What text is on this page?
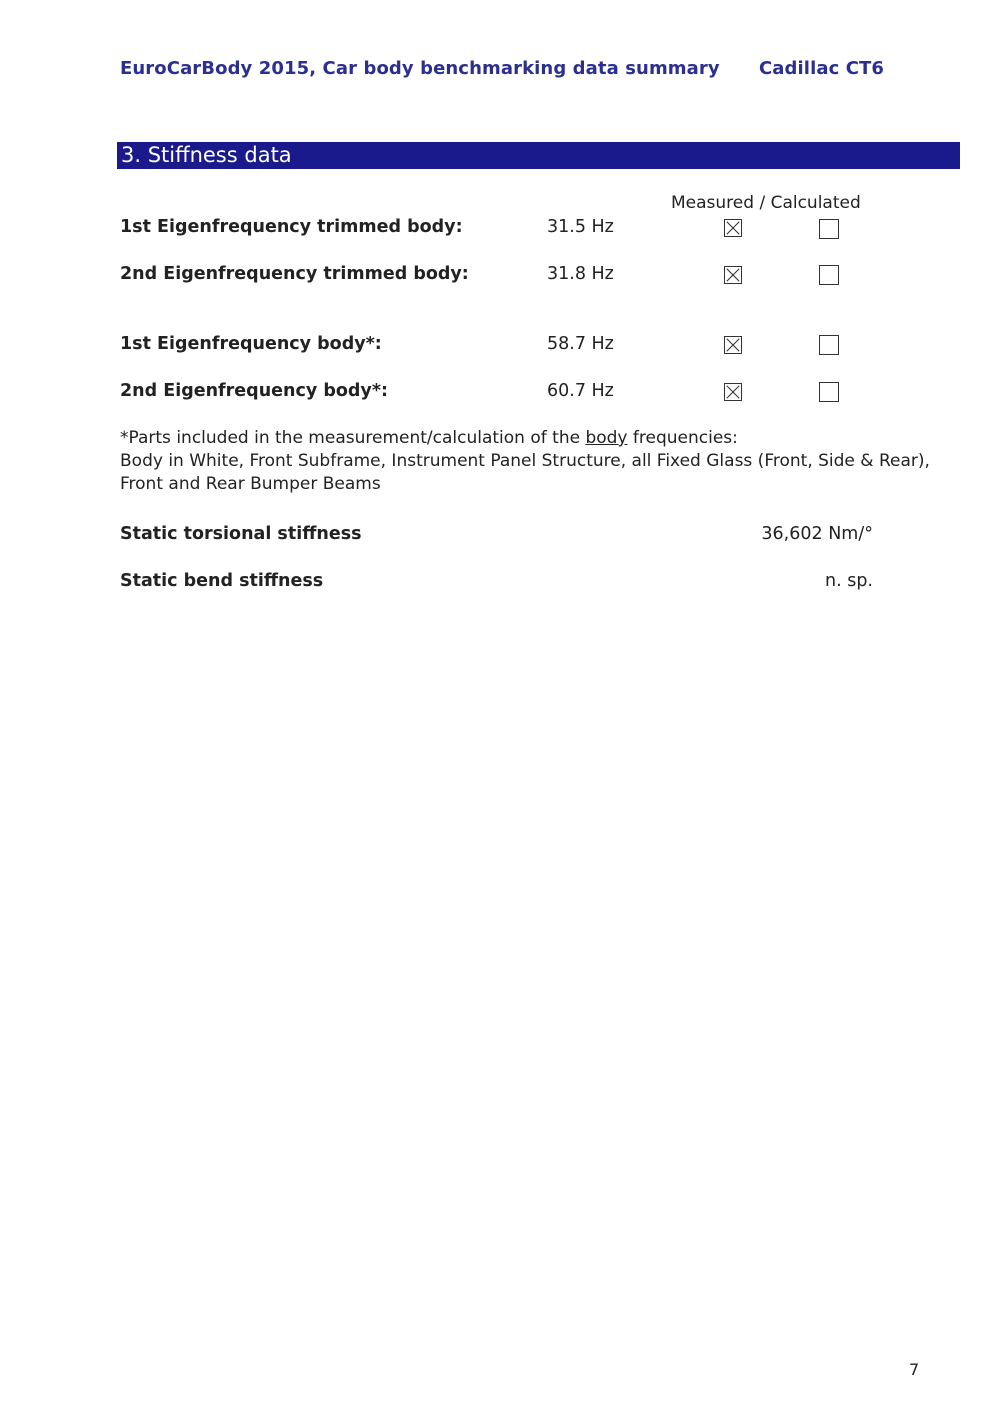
EuroCarBody 2015, Car body benchmarking data summary Cadillac CT6
3. Stiffness data
Measured / Calculated
1st Eigenfrequency trimmed body:	31.5 Hz
2nd Eigenfrequency trimmed body:	31.8 Hz
1st Eigenfrequency body*:	58.7 Hz
2nd Eigenfrequency body*:	60.7 Hz
*Parts included in the measurement/calculation of the body frequencies:
Body in White, Front Subframe, Instrument Panel Structure, all Fixed Glass (Front, Side & Rear), Front and Rear Bumper Beams
Static torsional stiffness	36,602 Nm/°
Static bend stiffness	n. sp.
7
